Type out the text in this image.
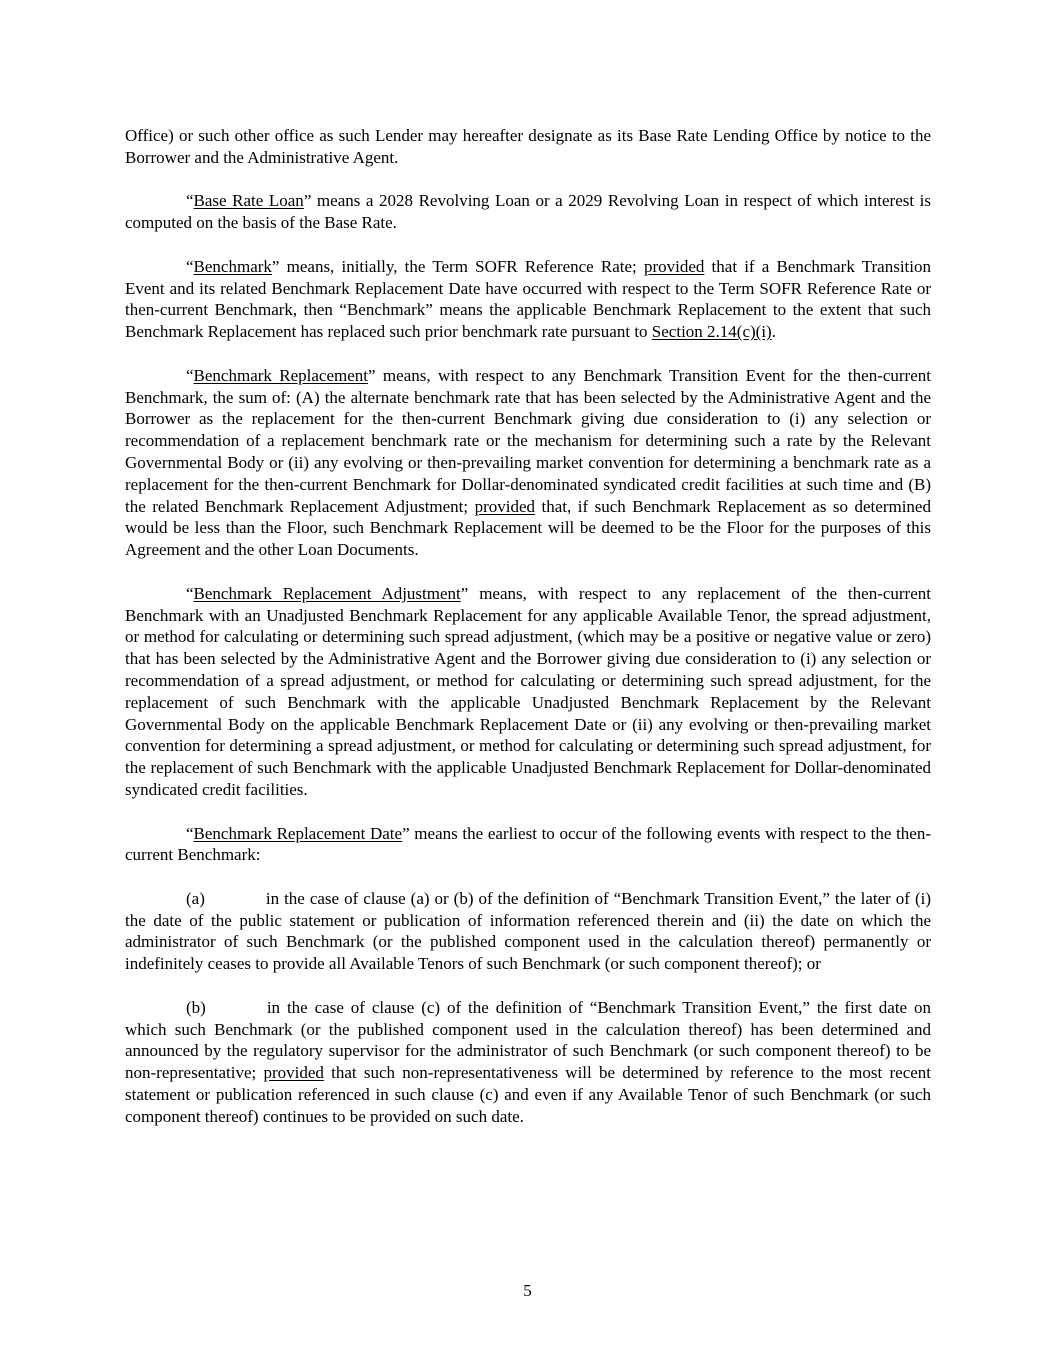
Office) or such other office as such Lender may hereafter designate as its Base Rate Lending Office by notice to the Borrower and the Administrative Agent.

“Base Rate Loan” means a 2028 Revolving Loan or a 2029 Revolving Loan in respect of which interest is computed on the basis of the Base Rate.

“Benchmark” means, initially, the Term SOFR Reference Rate; provided that if a Benchmark Transition Event and its related Benchmark Replacement Date have occurred with respect to the Term SOFR Reference Rate or then-current Benchmark, then “Benchmark” means the applicable Benchmark Replacement to the extent that such Benchmark Replacement has replaced such prior benchmark rate pursuant to Section 2.14(c)(i).

“Benchmark Replacement” means, with respect to any Benchmark Transition Event for the then-current Benchmark, the sum of: (A) the alternate benchmark rate that has been selected by the Administrative Agent and the Borrower as the replacement for the then-current Benchmark giving due consideration to (i) any selection or recommendation of a replacement benchmark rate or the mechanism for determining such a rate by the Relevant Governmental Body or (ii) any evolving or then-prevailing market convention for determining a benchmark rate as a replacement for the then-current Benchmark for Dollar-denominated syndicated credit facilities at such time and (B) the related Benchmark Replacement Adjustment; provided that, if such Benchmark Replacement as so determined would be less than the Floor, such Benchmark Replacement will be deemed to be the Floor for the purposes of this Agreement and the other Loan Documents.

“Benchmark Replacement Adjustment” means, with respect to any replacement of the then-current Benchmark with an Unadjusted Benchmark Replacement for any applicable Available Tenor, the spread adjustment, or method for calculating or determining such spread adjustment, (which may be a positive or negative value or zero) that has been selected by the Administrative Agent and the Borrower giving due consideration to (i) any selection or recommendation of a spread adjustment, or method for calculating or determining such spread adjustment, for the replacement of such Benchmark with the applicable Unadjusted Benchmark Replacement by the Relevant Governmental Body on the applicable Benchmark Replacement Date or (ii) any evolving or then-prevailing market convention for determining a spread adjustment, or method for calculating or determining such spread adjustment, for the replacement of such Benchmark with the applicable Unadjusted Benchmark Replacement for Dollar-denominated syndicated credit facilities.

“Benchmark Replacement Date” means the earliest to occur of the following events with respect to the then-current Benchmark:

(a)	in the case of clause (a) or (b) of the definition of “Benchmark Transition Event,” the later of (i) the date of the public statement or publication of information referenced therein and (ii) the date on which the administrator of such Benchmark (or the published component used in the calculation thereof) permanently or indefinitely ceases to provide all Available Tenors of such Benchmark (or such component thereof); or

(b)	in the case of clause (c) of the definition of “Benchmark Transition Event,” the first date on which such Benchmark (or the published component used in the calculation thereof) has been determined and announced by the regulatory supervisor for the administrator of such Benchmark (or such component thereof) to be non-representative; provided that such non-representativeness will be determined by reference to the most recent statement or publication referenced in such clause (c) and even if any Available Tenor of such Benchmark (or such component thereof) continues to be provided on such date.

5
